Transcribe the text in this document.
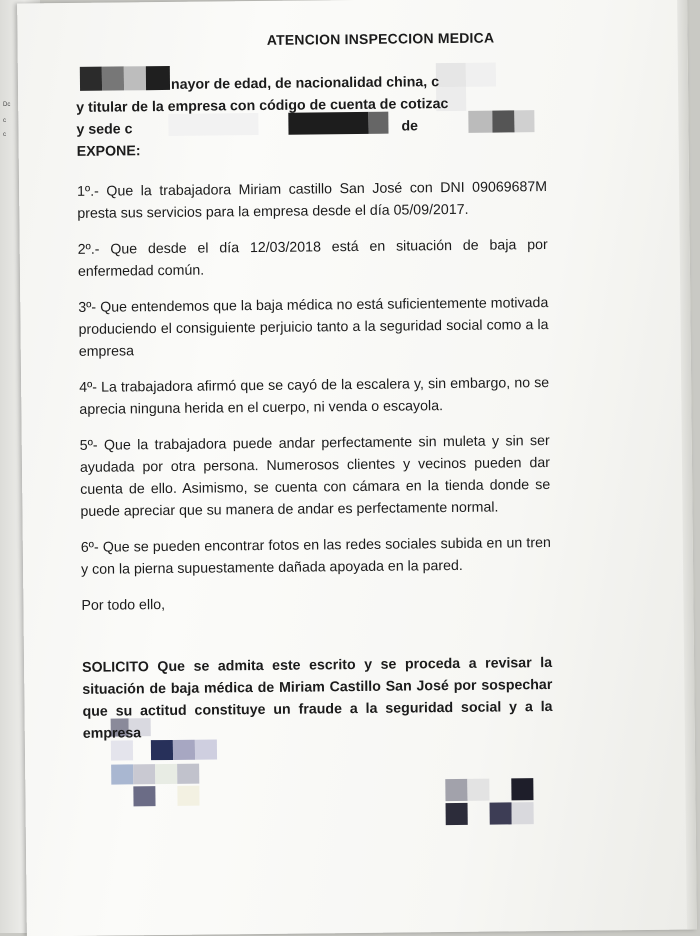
Dc
c
c
ATENCION INSPECCION MEDICA

nayor de edad, de nacionalidad china, c

y titular de la empresa con código de cuenta de cotizac

y sede c	de

EXPONE:

1º.- Que la trabajadora Miriam castillo San José con DNI 09069687M presta sus servicios para la empresa desde el día 05/09/2017.

2º.- Que desde el día 12/03/2018 está en situación de baja por enfermedad común.

3º- Que entendemos que la baja médica no está suficientemente motivada produciendo el consiguiente perjuicio tanto a la seguridad social como a la empresa

4º- La trabajadora afirmó que se cayó de la escalera y, sin embargo, no se aprecia ninguna herida en el cuerpo, ni venda o escayola.

5º- Que la trabajadora puede andar perfectamente sin muleta y sin ser ayudada por otra persona. Numerosos clientes y vecinos pueden dar cuenta de ello. Asimismo, se cuenta con cámara en la tienda donde se puede apreciar que su manera de andar es perfectamente normal.

6º- Que se pueden encontrar fotos en las redes sociales subida en un tren y con la pierna supuestamente dañada apoyada en la pared.

Por todo ello,

SOLICITO Que se admita este escrito y se proceda a revisar la situación de baja médica de Miriam Castillo San José por sospechar que su actitud constituye un fraude a la seguridad social y a la empresa
